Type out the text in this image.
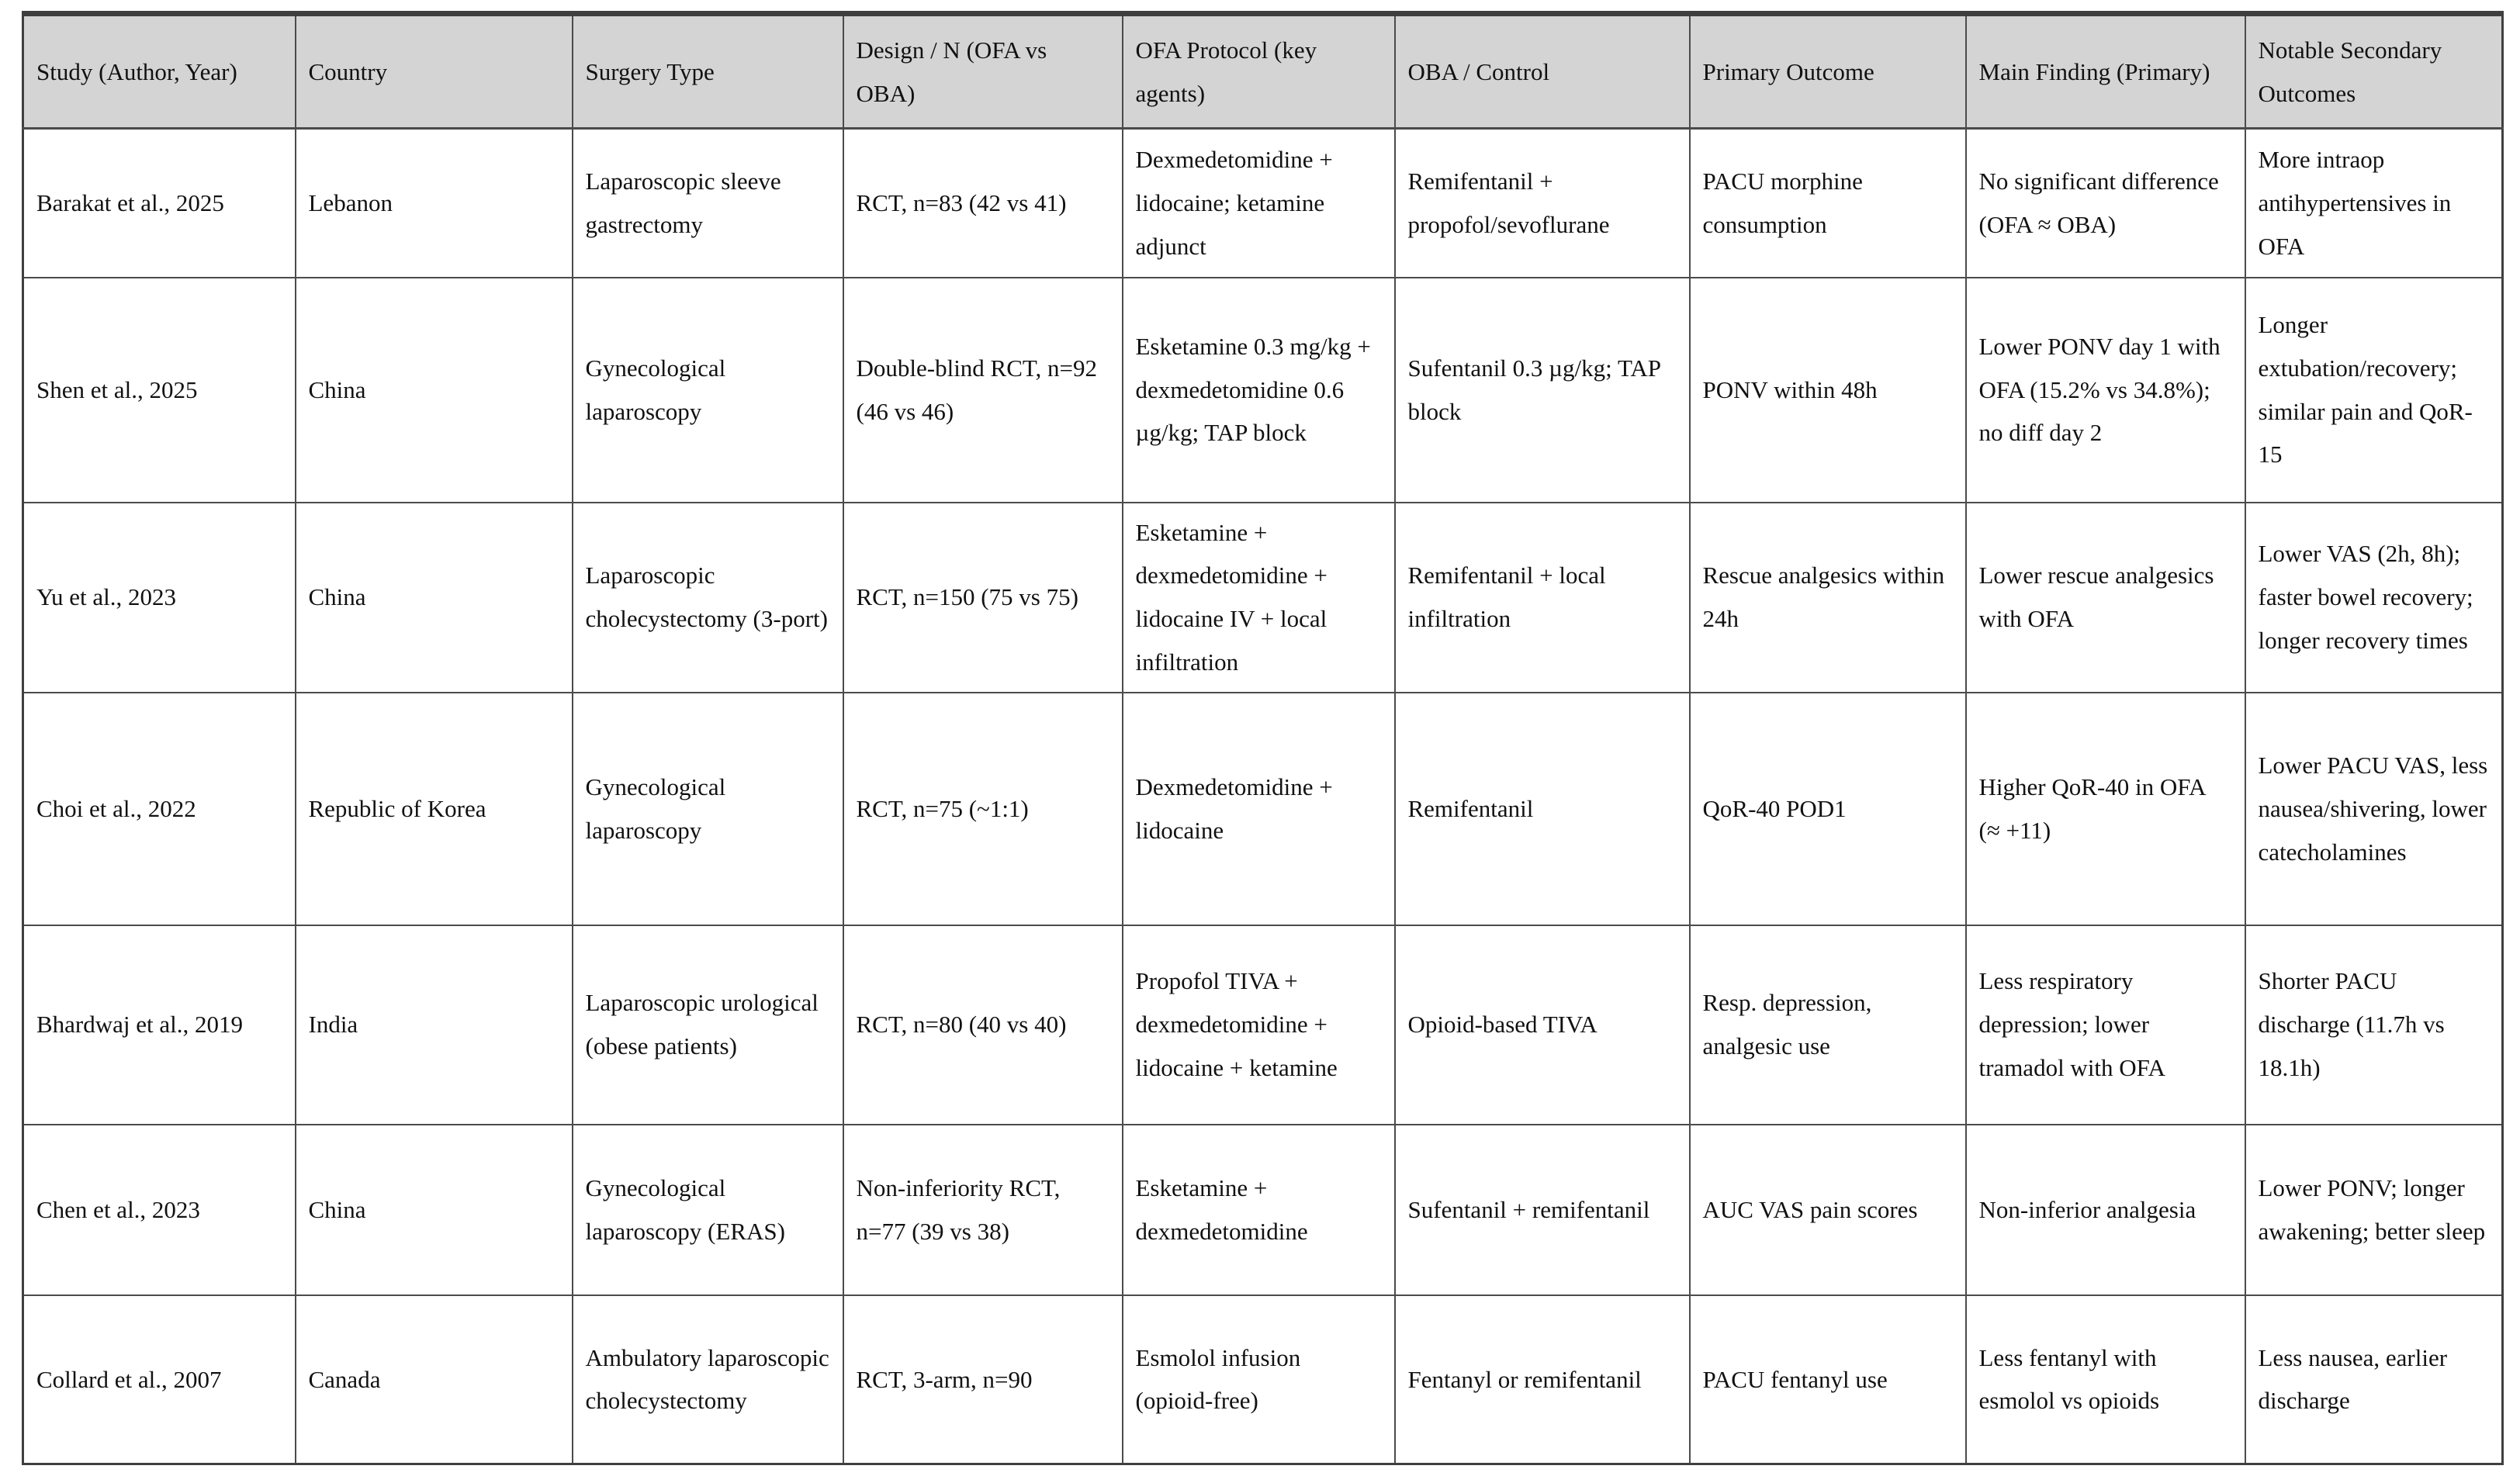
Study (Author, Year)	Country	Surgery Type	Design / N (OFA vs OBA)	OFA Protocol (key agents)	OBA / Control	Primary Outcome	Main Finding (Primary)	Notable Secondary Outcomes
Barakat et al., 2025	Lebanon	Laparoscopic sleeve gastrectomy	RCT, n=83 (42 vs 41)	Dexmedetomidine + lidocaine; ketamine adjunct	Remifentanil + propofol/sevoflurane	PACU morphine consumption	No significant difference (OFA ≈ OBA)	More intraop antihypertensives in OFA
Shen et al., 2025	China	Gynecological laparoscopy	Double-blind RCT, n=92 (46 vs 46)	Esketamine 0.3 mg/kg + dexmedetomidine 0.6 µg/kg; TAP block	Sufentanil 0.3 µg/kg; TAP block	PONV within 48h	Lower PONV day 1 with OFA (15.2% vs 34.8%); no diff day 2	Longer extubation/recovery; similar pain and QoR-15
Yu et al., 2023	China	Laparoscopic cholecystectomy (3-port)	RCT, n=150 (75 vs 75)	Esketamine + dexmedetomidine + lidocaine IV + local infiltration	Remifentanil + local infiltration	Rescue analgesics within 24h	Lower rescue analgesics with OFA	Lower VAS (2h, 8h); faster bowel recovery; longer recovery times
Choi et al., 2022	Republic of Korea	Gynecological laparoscopy	RCT, n=75 (~1:1)	Dexmedetomidine + lidocaine	Remifentanil	QoR-40 POD1	Higher QoR-40 in OFA (≈ +11)	Lower PACU VAS, less nausea/shivering, lower catecholamines
Bhardwaj et al., 2019	India	Laparoscopic urological (obese patients)	RCT, n=80 (40 vs 40)	Propofol TIVA + dexmedetomidine + lidocaine + ketamine	Opioid-based TIVA	Resp. depression, analgesic use	Less respiratory depression; lower tramadol with OFA	Shorter PACU discharge (11.7h vs 18.1h)
Chen et al., 2023	China	Gynecological laparoscopy (ERAS)	Non-inferiority RCT, n=77 (39 vs 38)	Esketamine + dexmedetomidine	Sufentanil + remifentanil	AUC VAS pain scores	Non-inferior analgesia	Lower PONV; longer awakening; better sleep
Collard et al., 2007	Canada	Ambulatory laparoscopic cholecystectomy	RCT, 3-arm, n=90	Esmolol infusion (opioid-free)	Fentanyl or remifentanil	PACU fentanyl use	Less fentanyl with esmolol vs opioids	Less nausea, earlier discharge
